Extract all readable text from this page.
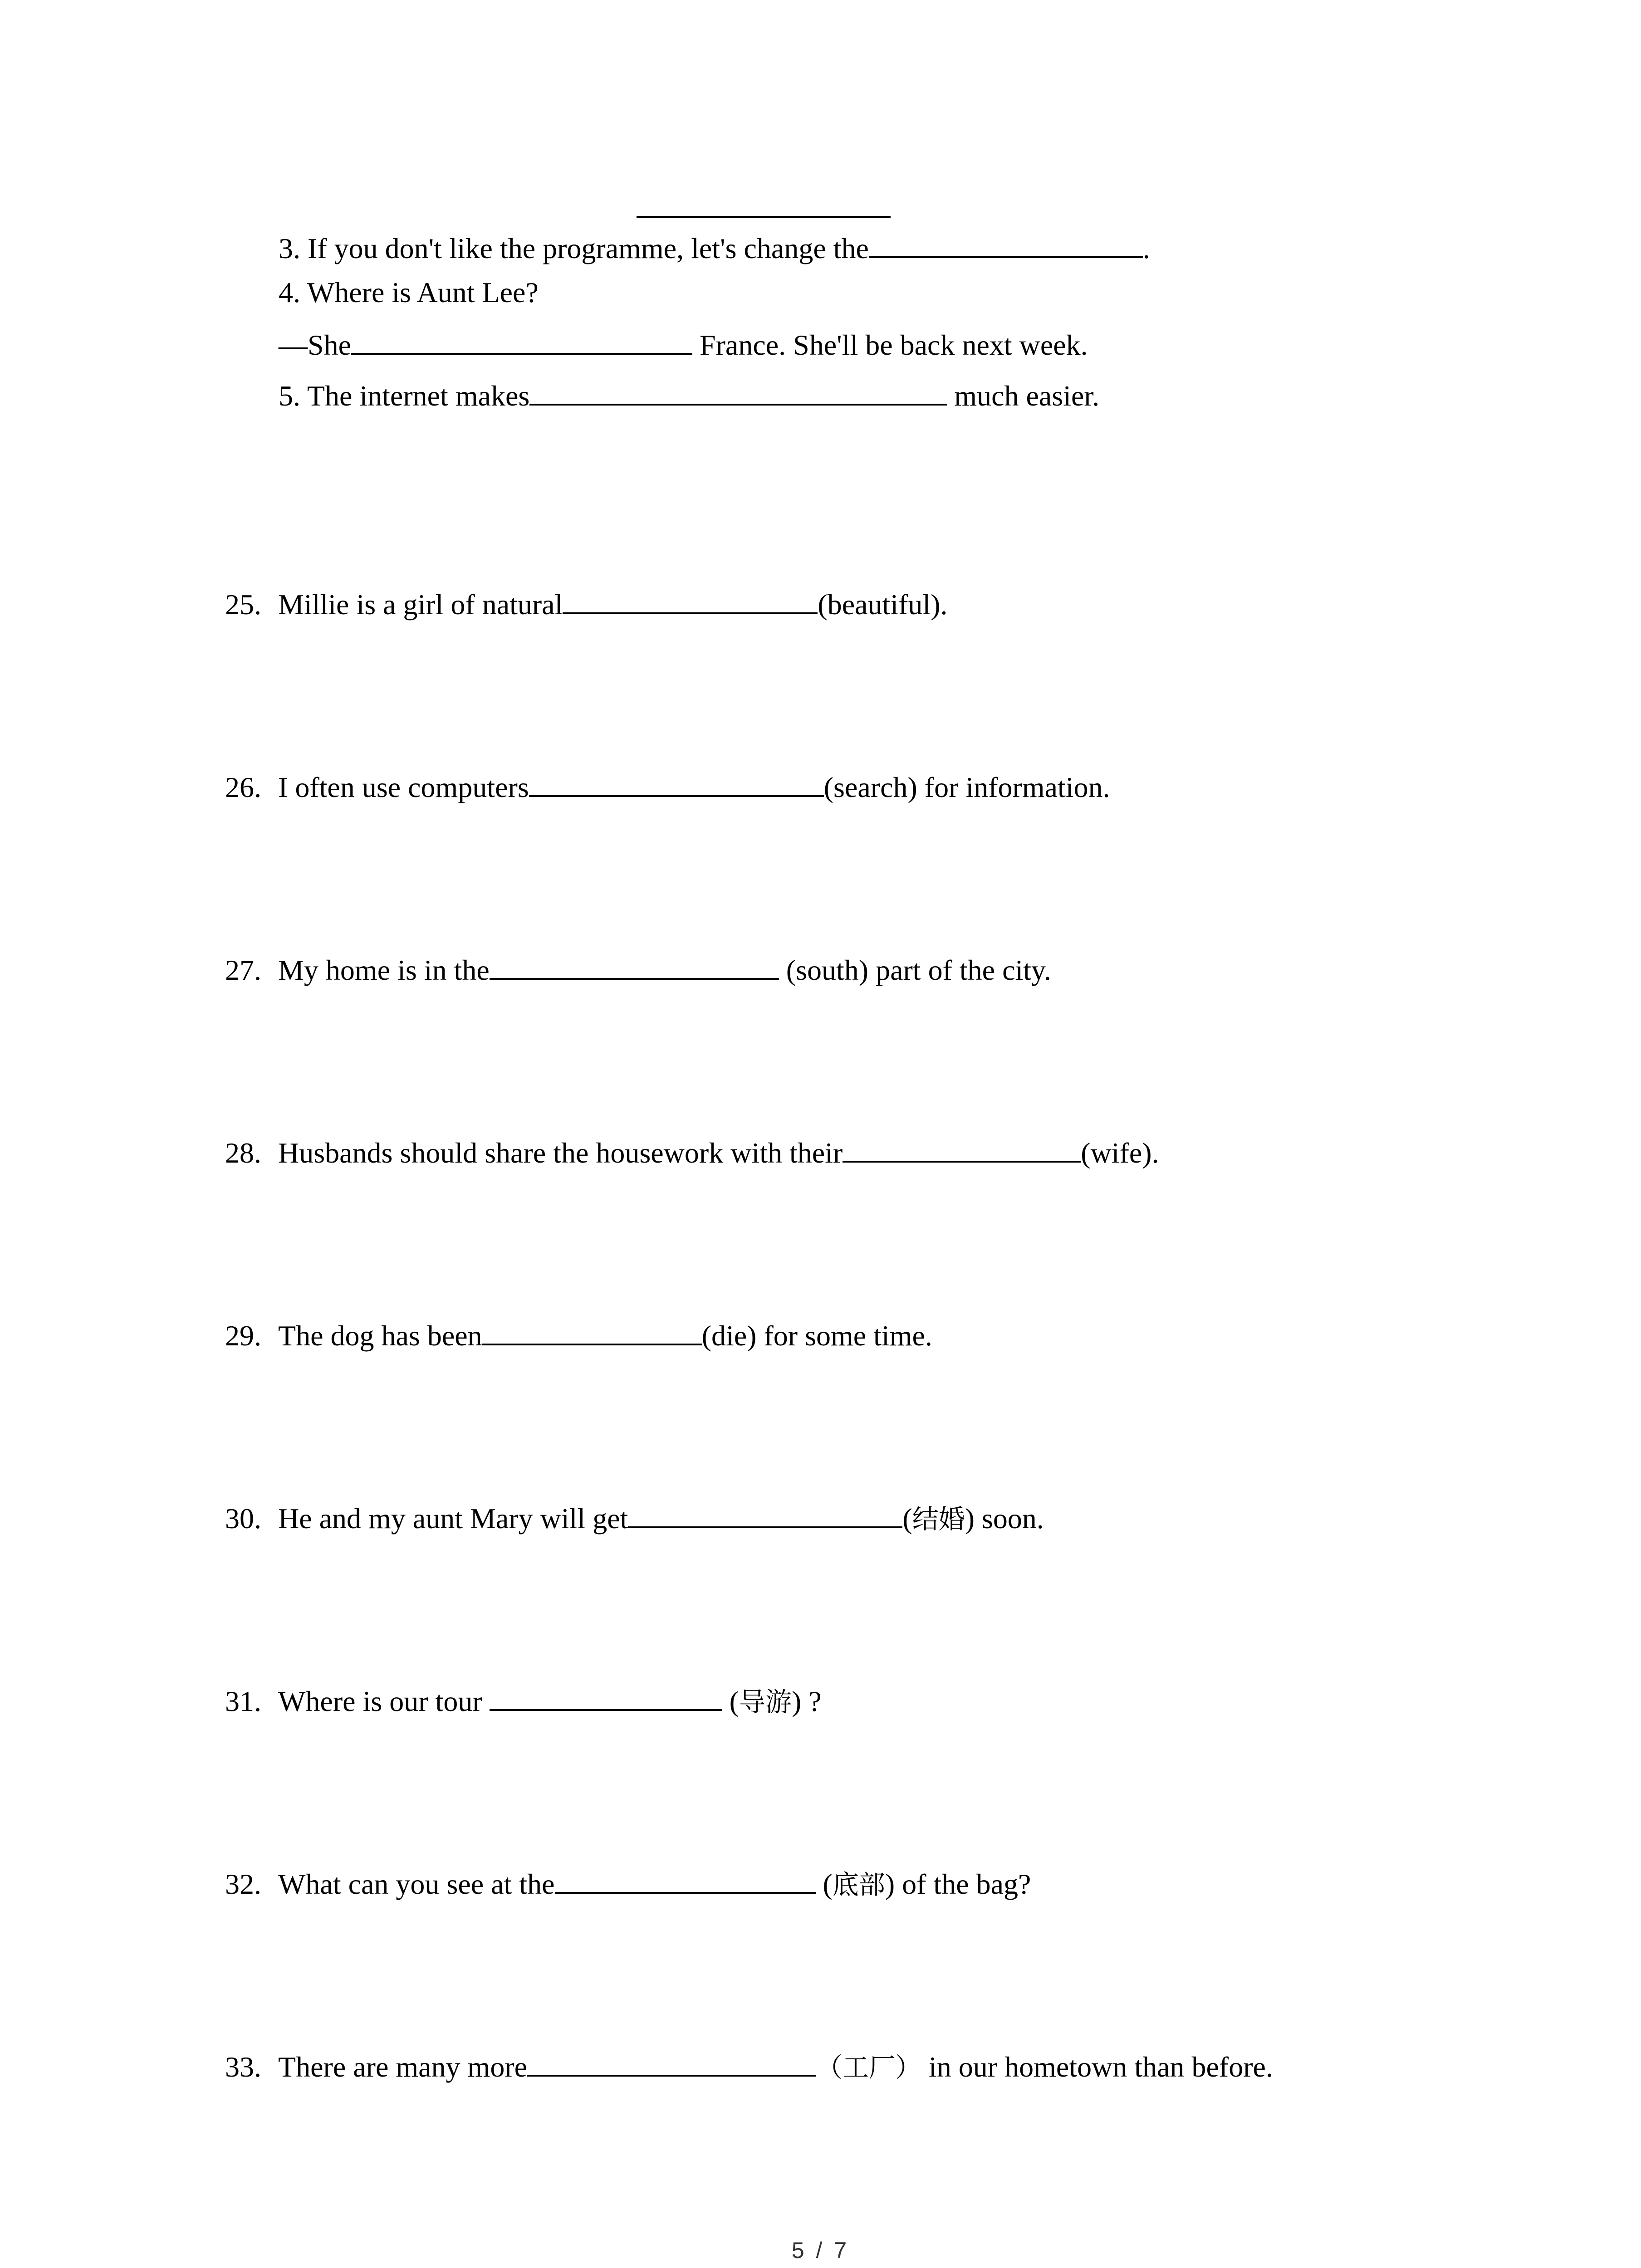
3. If you don't like the programme, let's change the	.
4. Where is Aunt Lee?
—She	France. She'll be back next week.
5. The internet makes	much easier.
25. Millie is a girl of natural	(beautiful).
26. I often use computers	(search) for information.
27. My home is in the	(south) part of the city.
28. Husbands should share the housework with their	(wife).
29. The dog has been	(die) for some time.
30. He and my aunt Mary will get	(结婚) soon.
31. Where is our tour	(导游) ?
32. What can you see at the	(底部) of the bag?
33. There are many more	（工厂） in our hometown than before.
5 / 7
